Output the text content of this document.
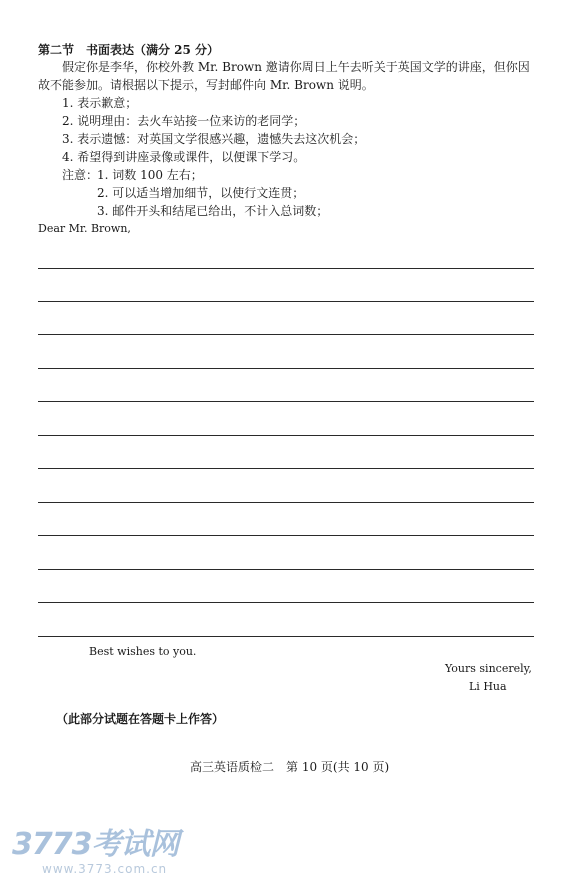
第二节　书面表达（满分 25 分）
假定你是李华，你校外教 Mr. Brown 邀请你周日上午去听关于英国文学的讲座，但你因
故不能参加。请根据以下提示，写封邮件向 Mr. Brown 说明。
1. 表示歉意；
2. 说明理由：去火车站接一位来访的老同学；
3. 表示遗憾：对英国文学很感兴趣，遗憾失去这次机会；
4. 希望得到讲座录像或课件，以便课下学习。
注意：
1. 词数 100 左右；
2. 可以适当增加细节，以使行文连贯；
3. 邮件开头和结尾已给出，不计入总词数；
Dear Mr. Brown,
Best wishes to you.
Yours sincerely,
Li Hua
（此部分试题在答题卡上作答）
高三英语质检二　第 10 页(共 10 页)
3773考试网
www.3773.com.cn
